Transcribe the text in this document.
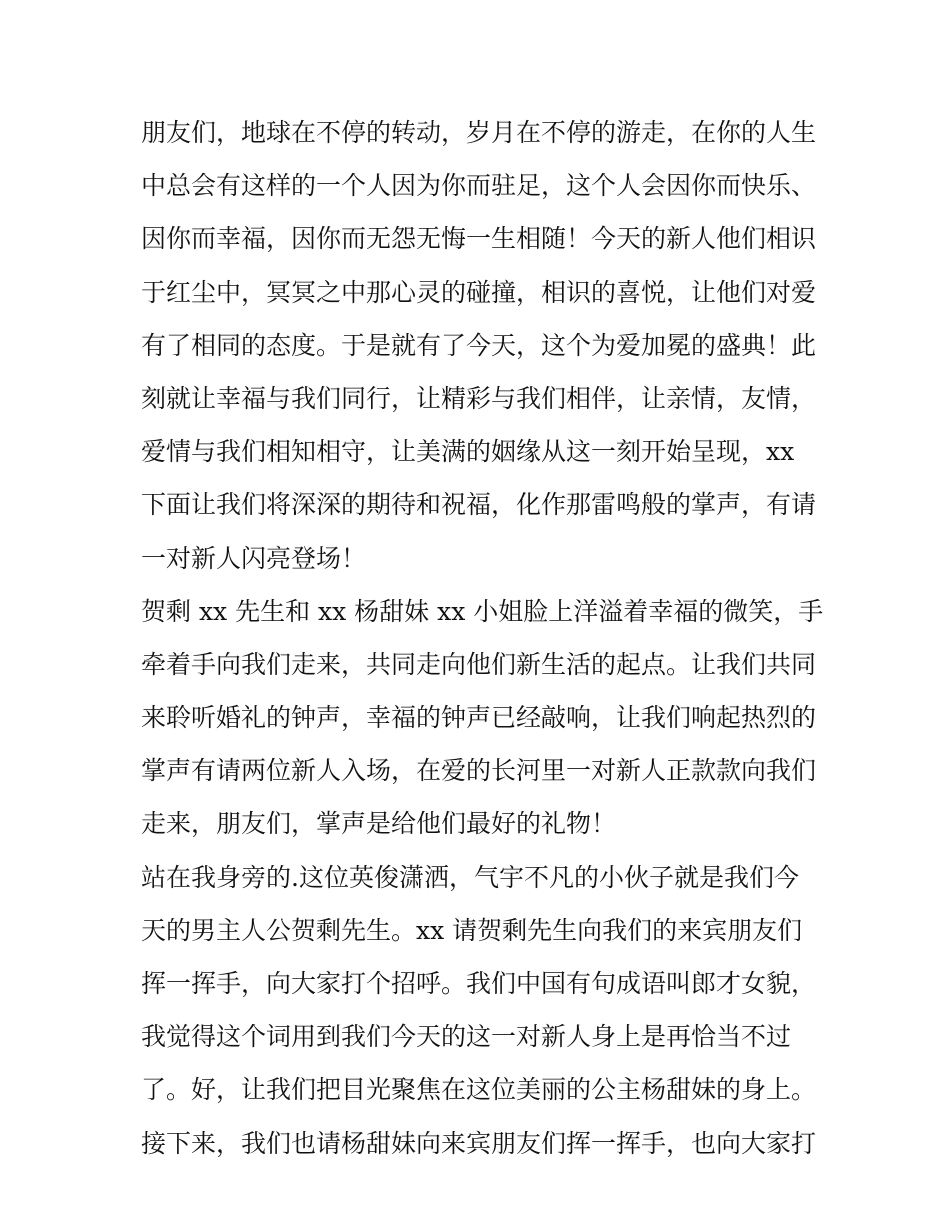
朋友们，地球在不停的转动，岁月在不停的游走，在你的人生
中总会有这样的一个人因为你而驻足，这个人会因你而快乐、
因你而幸福，因你而无怨无悔一生相随！今天的新人他们相识
于红尘中，冥冥之中那心灵的碰撞，相识的喜悦，让他们对爱
有了相同的态度。于是就有了今天，这个为爱加冕的盛典！此
刻就让幸福与我们同行，让精彩与我们相伴，让亲情，友情，
爱情与我们相知相守，让美满的姻缘从这一刻开始呈现，xx
下面让我们将深深的期待和祝福，化作那雷鸣般的掌声，有请
一对新人闪亮登场！
贺剩 xx 先生和 xx 杨甜妹 xx 小姐脸上洋溢着幸福的微笑，手
牵着手向我们走来，共同走向他们新生活的起点。让我们共同
来聆听婚礼的钟声，幸福的钟声已经敲响，让我们响起热烈的
掌声有请两位新人入场，在爱的长河里一对新人正款款向我们
走来，朋友们，掌声是给他们最好的礼物！
站在我身旁的.这位英俊潇洒，气宇不凡的小伙子就是我们今
天的男主人公贺剩先生。xx 请贺剩先生向我们的来宾朋友们
挥一挥手，向大家打个招呼。我们中国有句成语叫郎才女貌，
我觉得这个词用到我们今天的这一对新人身上是再恰当不过
了。好，让我们把目光聚焦在这位美丽的公主杨甜妹的身上。
接下来，我们也请杨甜妹向来宾朋友们挥一挥手，也向大家打
